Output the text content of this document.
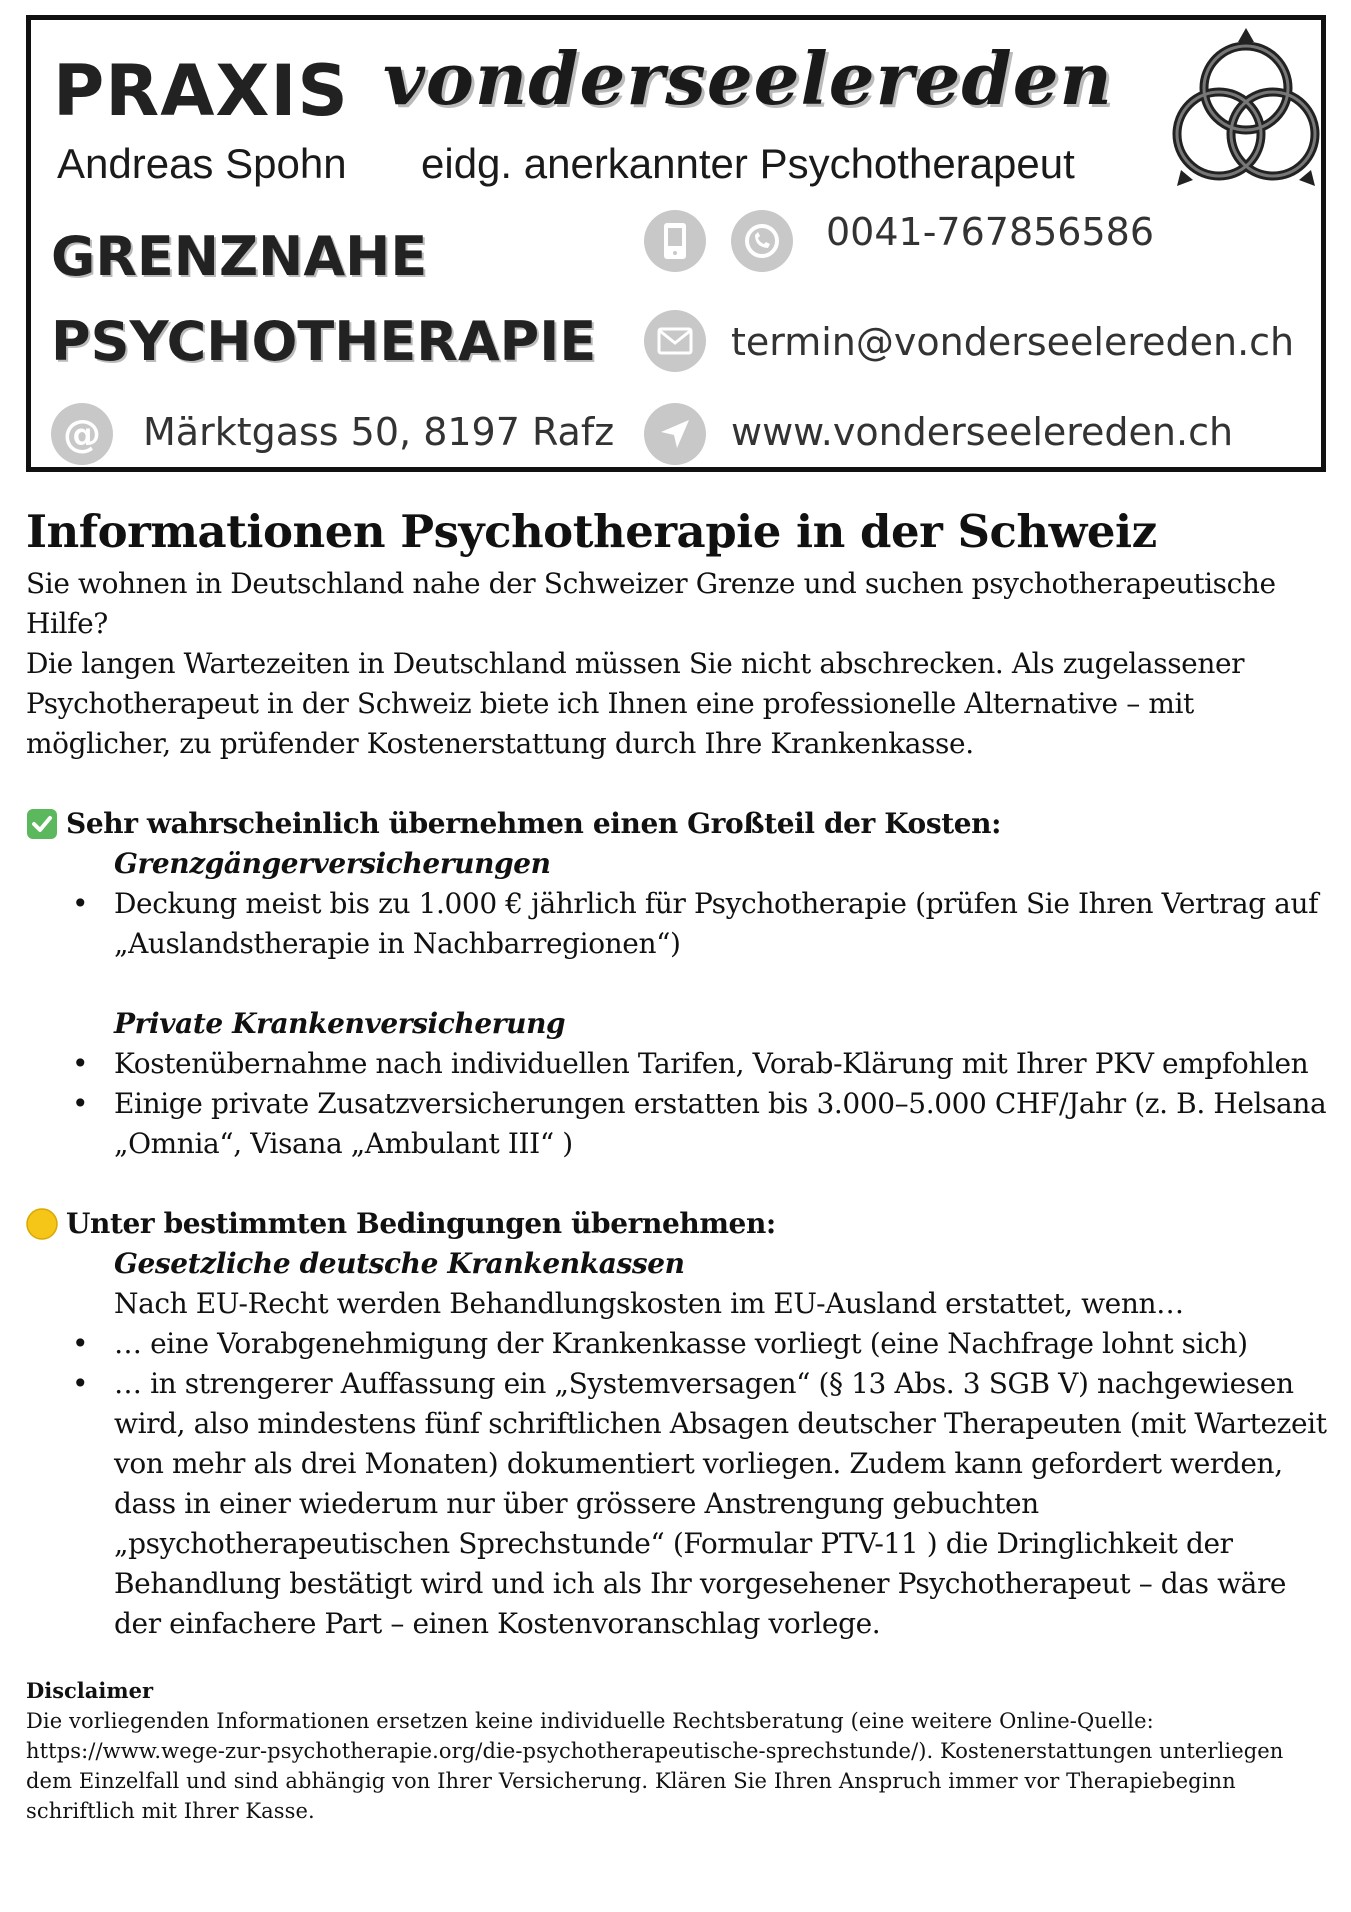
PRAXIS vonderseelereden
Andreas Spohn eidg. anerkannter Psychotherapeut
GRENZNAHE
PSYCHOTHERAPIE
0041-767856586
termin@vonderseelereden.ch
@ Märktgass 50, 8197 Rafz	www.vonderseelereden.ch
Informationen Psychotherapie in der Schweiz

Sie wohnen in Deutschland nahe der Schweizer Grenze und suchen psychotherapeutische Hilfe?

Die langen Wartezeiten in Deutschland müssen Sie nicht abschrecken. Als zugelassener Psychotherapeut in der Schweiz biete ich Ihnen eine professionelle Alternative – mit möglicher, zu prüfender Kostenerstattung durch Ihre Krankenkasse.

Sehr wahrscheinlich übernehmen einen Großteil der Kosten:
Grenzgängerversicherungen
• Deckung meist bis zu 1.000 € jährlich für Psychotherapie (prüfen Sie Ihren Vertrag auf „Auslandstherapie in Nachbarregionen“)
Private Krankenversicherung
• Kostenübernahme nach individuellen Tarifen, Vorab-Klärung mit Ihrer PKV empfohlen
• Einige private Zusatzversicherungen erstatten bis 3.000–5.000 CHF/Jahr (z. B. Helsana „Omnia“, Visana „Ambulant III“ )
Unter bestimmten Bedingungen übernehmen:
Gesetzliche deutsche Krankenkassen
Nach EU-Recht werden Behandlungskosten im EU-Ausland erstattet, wenn…
• … eine Vorabgenehmigung der Krankenkasse vorliegt (eine Nachfrage lohnt sich)
• … in strengerer Auffassung ein „Systemversagen“ (§ 13 Abs. 3 SGB V) nachgewiesen wird, also mindestens fünf schriftlichen Absagen deutscher Therapeuten (mit Wartezeit von mehr als drei Monaten) dokumentiert vorliegen. Zudem kann gefordert werden, dass in einer wiederum nur über grössere Anstrengung gebuchten „psychotherapeutischen Sprechstunde“ (Formular PTV-11 ) die Dringlichkeit der Behandlung bestätigt wird und ich als Ihr vorgesehener Psychotherapeut – das wäre der einfachere Part – einen Kostenvoranschlag vorlege.
Disclaimer
Die vorliegenden Informationen ersetzen keine individuelle Rechtsberatung (eine weitere Online-Quelle: https://www.wege-zur-psychotherapie.org/die-psychotherapeutische-sprechstunde/). Kostenerstattungen unterliegen dem Einzelfall und sind abhängig von Ihrer Versicherung. Klären Sie Ihren Anspruch immer vor Therapiebeginn schriftlich mit Ihrer Kasse.
